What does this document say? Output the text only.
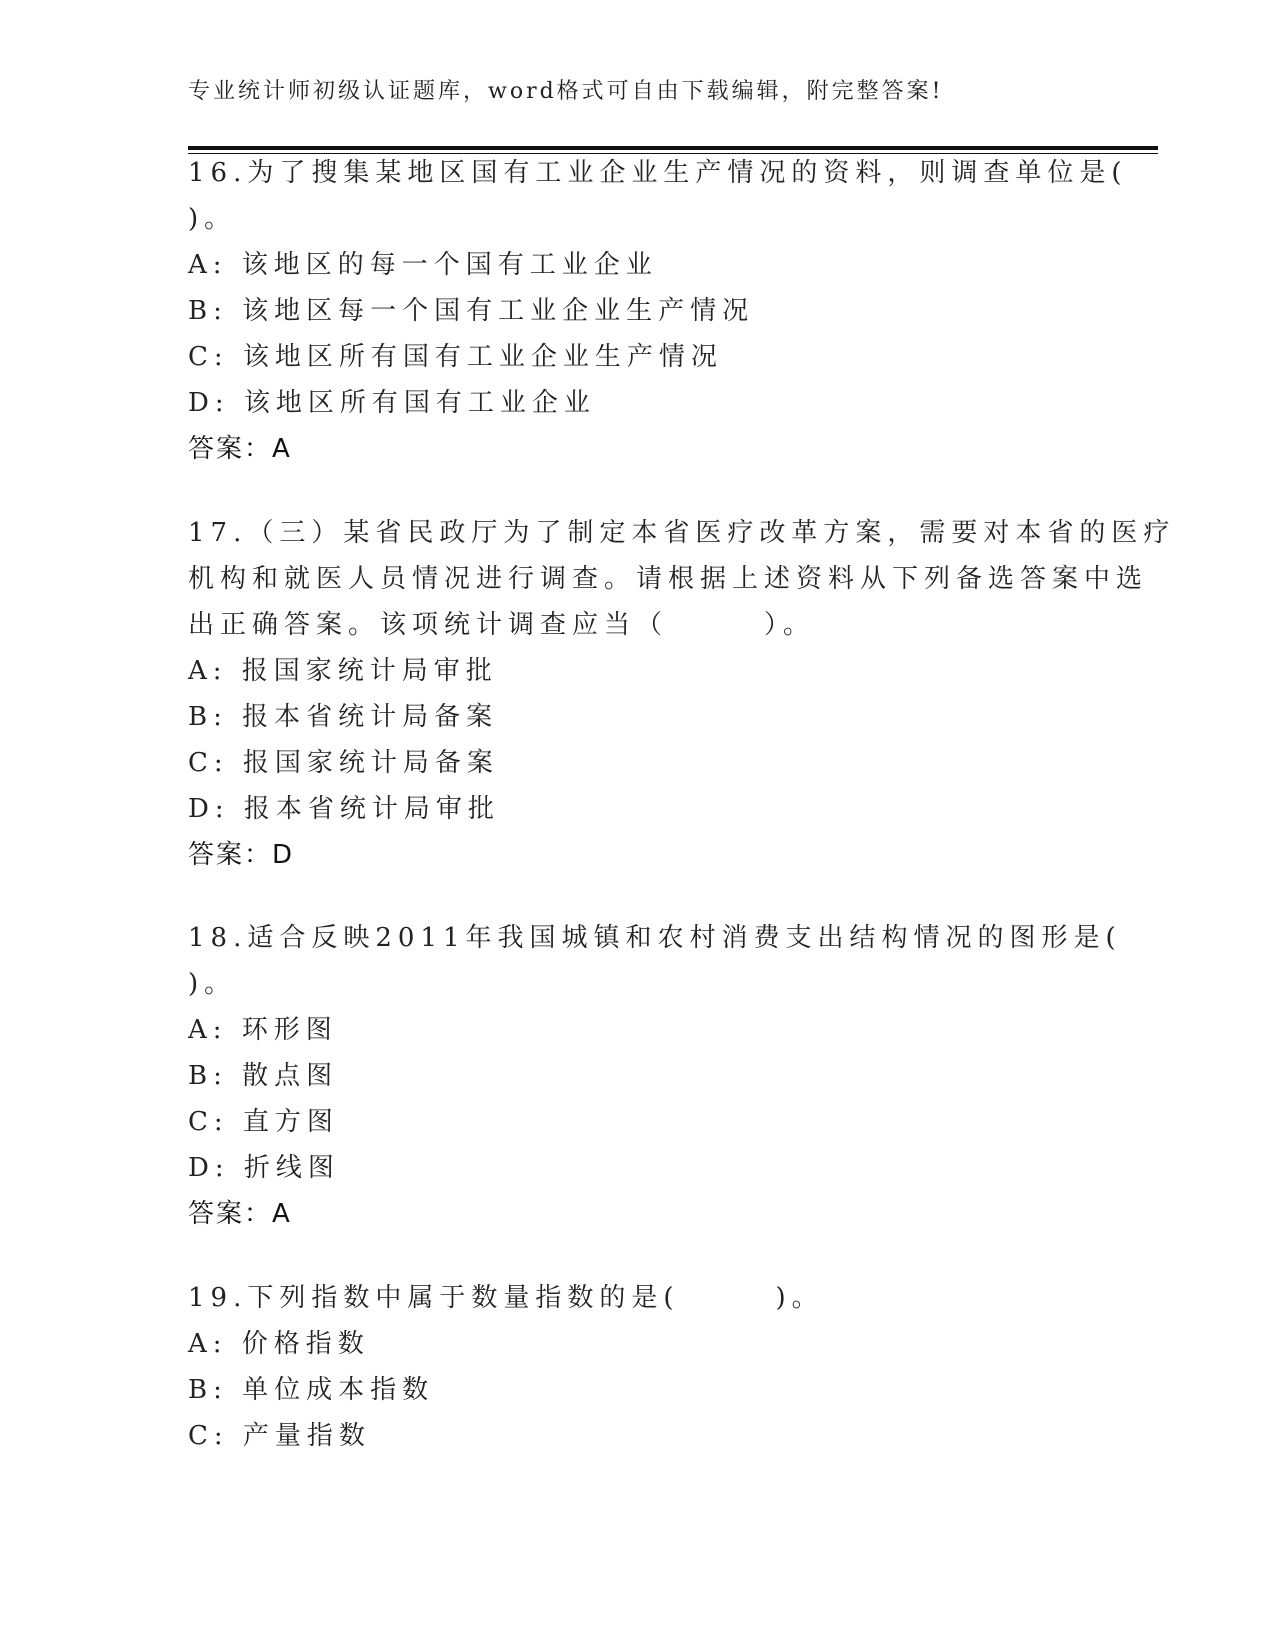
专业统计师初级认证题库，word格式可自由下载编辑，附完整答案!
16.为了搜集某地区国有工业企业生产情况的资料，则调查单位是(
)。
A: 该地区的每一个国有工业企业
B: 该地区每一个国有工业企业生产情况
C: 该地区所有国有工业企业生产情况
D: 该地区所有国有工业企业
答案：A
17.（三）某省民政厅为了制定本省医疗改革方案，需要对本省的医疗
机构和就医人员情况进行调查。请根据上述资料从下列备选答案中选
出正确答案。该项统计调查应当（　　　）。
A: 报国家统计局审批
B: 报本省统计局备案
C: 报国家统计局备案
D: 报本省统计局审批
答案：D
18.适合反映2011年我国城镇和农村消费支出结构情况的图形是(
)。
A: 环形图
B: 散点图
C: 直方图
D: 折线图
答案：A
19.下列指数中属于数量指数的是(　　　)。
A: 价格指数
B: 单位成本指数
C: 产量指数
